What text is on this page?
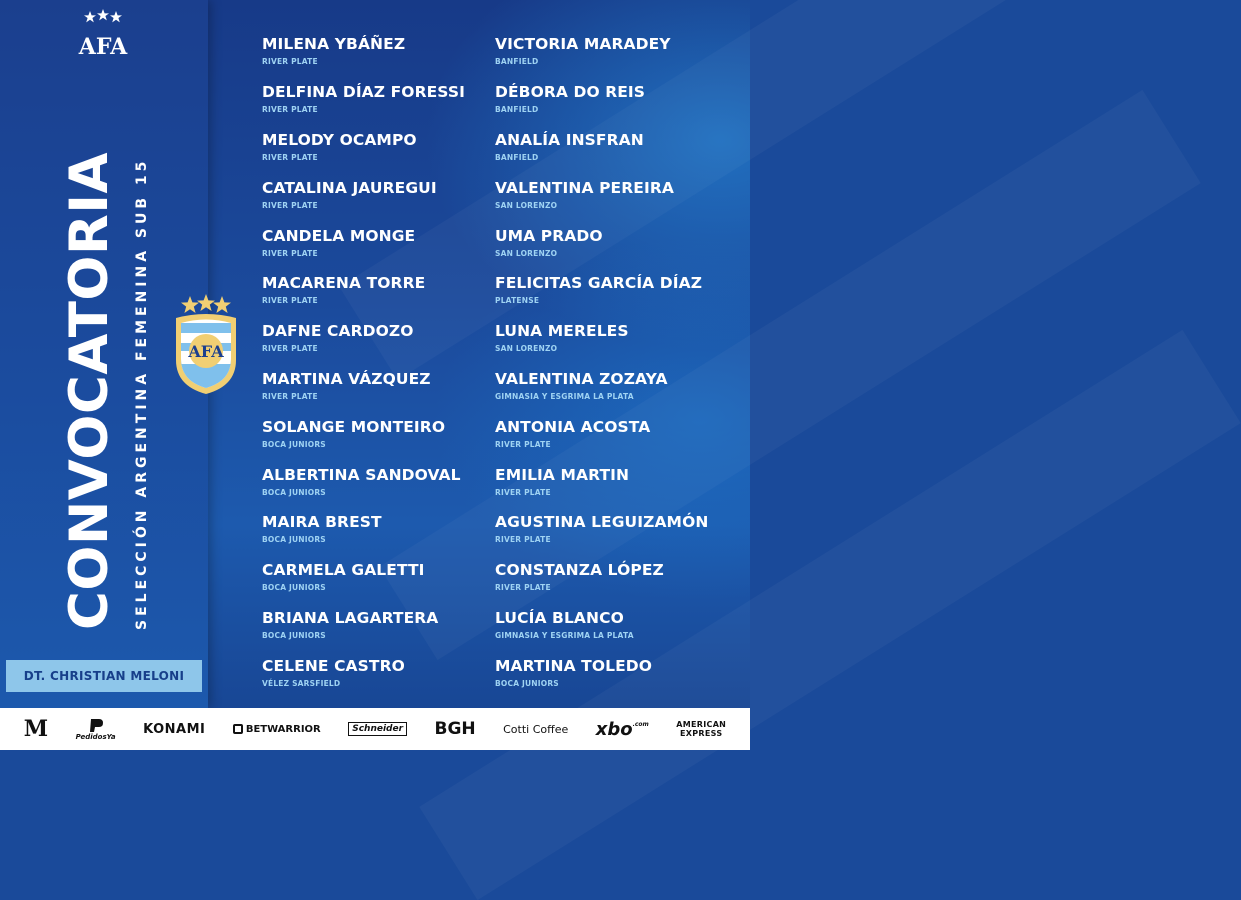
AFA
CONVOCATORIA SELECCIÓN ARGENTINA FEMENINA SUB 15
DT. CHRISTIAN MELONI
AFA
MILENA YBÁÑEZ
RIVER PLATE
DELFINA DÍAZ FORESSI
RIVER PLATE
MELODY OCAMPO
RIVER PLATE
CATALINA JAUREGUI
RIVER PLATE
CANDELA MONGE
RIVER PLATE
MACARENA TORRE
RIVER PLATE
DAFNE CARDOZO
RIVER PLATE
MARTINA VÁZQUEZ
RIVER PLATE
SOLANGE MONTEIRO
BOCA JUNIORS
ALBERTINA SANDOVAL
BOCA JUNIORS
MAIRA BREST
BOCA JUNIORS
CARMELA GALETTI
BOCA JUNIORS
BRIANA LAGARTERA
BOCA JUNIORS
CELENE CASTRO
VÉLEZ SARSFIELD
VICTORIA MARADEY
BANFIELD
DÉBORA DO REIS
BANFIELD
ANALÍA INSFRAN
BANFIELD
VALENTINA PEREIRA
SAN LORENZO
UMA PRADO
SAN LORENZO
FELICITAS GARCÍA DÍAZ
PLATENSE
LUNA MERELES
SAN LORENZO
VALENTINA ZOZAYA
GIMNASIA Y ESGRIMA LA PLATA
ANTONIA ACOSTA
RIVER PLATE
EMILIA MARTIN
RIVER PLATE
AGUSTINA LEGUIZAMÓN
RIVER PLATE
CONSTANZA LÓPEZ
RIVER PLATE
LUCÍA BLANCO
GIMNASIA Y ESGRIMA LA PLATA
MARTINA TOLEDO
BOCA JUNIORS
M	PedidosYa
KONAMI	BETWARRIOR	Schneider BGH Cotti Coffee xbo .com	AMERICAN
EXPRESS
